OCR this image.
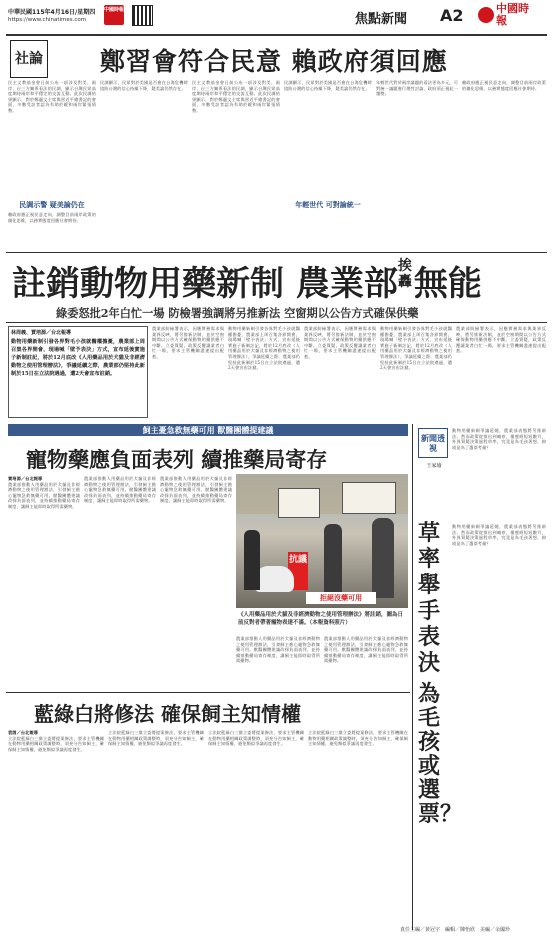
中華民國115年4月16日/星期四
https://www.chinatimes.com
中國時報
焦點新聞 A2	中國時報
社論 鄭習會符合民意 賴政府須回應
民主文教基金會日前公布一項涉及對美、兩岸、台三方關係看法的民調，顯示台灣民眾高度期待兩岸和平穩定的交流互動。此次民調結果顯示，對於鄭麗文主席與習近平總書記的會面，多數受訪者認為有助於緩和兩岸緊張情勢。
民調示警 疑美論仍在
賴政府應正視民意走向，調整目前兩岸政策的僵化思維，以務實態度回應社會期待。
民調顯示，民眾對於美國是否會在台海危機時協防台灣的信心持續下降，疑美論仍然存在。
民主文教基金會日前公布一項涉及對美、兩岸、台三方關係看法的民調，顯示台灣民眾高度期待兩岸和平穩定的交流互動。此次民調結果顯示，對於鄭麗文主席與習近平總書記的會面，多數受訪者認為有助於緩和兩岸緊張情勢。
民調顯示，民眾對於美國是否會在台海危機時協防台灣的信心持續下降，疑美論仍然存在。
年輕世代 可對論統一
年輕世代對於兩岸議題的看法更為多元，可對統一議題進行理性討論，政府須正視此一趨勢。
賴政府應正視民意走向，調整目前兩岸政策的僵化思維，以務實態度回應社會期待。
註銷動物用藥新制 農業部挨
轟無能
綠委怒批2年白忙一場 防檢署強調將另推新法 空窗期以公告方式確保供藥
林周義、賈培源／台北報導
動物用藥新制引發各界對毛小孩就醫權擔憂，農業部上周召集各界開會，現場喊「壁予表決」方式，宣布延後實施子新制註記，將於12月底改《人用藥品用於犬貓及非經濟動物之使用管理辦法》，爭議延續之際，農業部仍堅持此新制於15日在立法院遇過，遭2天會宣布註銷。
農業部防檢署表示，因應實務需求與業界反映，將另推新法制，並於空窗期間以公告方式確保動物用藥供應不中斷。立委質疑，政策反覆讓業者白忙一場，要求主管機關盡速提出配套。
動物用藥新制引發各界對毛小孩就醫權擔憂，農業部上周召集各界開會，現場喊「壁予表決」方式，宣布延後實施子新制註記，將於12月底改《人用藥品用於犬貓及非經濟動物之使用管理辦法》，爭議延續之際，農業部仍堅持此新制於15日在立法院遇過，遭2天會宣布註銷。
農業部防檢署表示，因應實務需求與業界反映，將另推新法制，並於空窗期間以公告方式確保動物用藥供應不中斷。立委質疑，政策反覆讓業者白忙一場，要求主管機關盡速提出配套。
動物用藥新制引發各界對毛小孩就醫權擔憂，農業部上周召集各界開會，現場喊「壁予表決」方式，宣布延後實施子新制註記，將於12月底改《人用藥品用於犬貓及非經濟動物之使用管理辦法》，爭議延續之際，農業部仍堅持此新制於15日在立法院遇過，遭2天會宣布註銷。
農業部防檢署表示，因應實務需求與業界反映，將另推新法制，並於空窗期間以公告方式確保動物用藥供應不中斷。立委質疑，政策反覆讓業者白忙一場，要求主管機關盡速提出配套。
飼主憂急救無藥可用 獸醫團體提建議
寵物藥應負面表列 續推藥局寄存
賈培源／台北報導
農業部推動人用藥品用於犬貓及非經濟動物之使用管理辦法，引發飼主擔心寵物急救無藥可用。獸醫團體建議改採負面表列，並持續推動藥局寄存制度，讓飼主能即時取得所需藥物。
農業部推動人用藥品用於犬貓及非經濟動物之使用管理辦法，引發飼主擔心寵物急救無藥可用。獸醫團體建議改採負面表列，並持續推動藥局寄存制度，讓飼主能即時取得所需藥物。
農業部推動人用藥品用於犬貓及非經濟動物之使用管理辦法，引發飼主擔心寵物急救無藥可用。獸醫團體建議改採負面表列，並持續推動藥局寄存制度，讓飼主能即時取得所需藥物。
抗議
拒絕沒藥可用
《人用藥品用於犬貓及非經濟動物之使用管理辦法》將註銷，圖為日前反對者帶著寵物表達不滿。（本報資料照片）
農業部推動人用藥品用於犬貓及非經濟動物之使用管理辦法，引發飼主擔心寵物急救無藥可用。獸醫團體建議改採負面表列，並持續推動藥局寄存制度，讓飼主能即時取得所需藥物。
農業部推動人用藥品用於犬貓及非經濟動物之使用管理辦法，引發飼主擔心寵物急救無藥可用。獸醫團體建議改採負面表列，並持續推動藥局寄存制度，讓飼主能即時取得所需藥物。
新聞透視
王家瑜
動物用藥新制爭議延燒，農業部表態將另推新法。然而政策從推出到喊停，僅歷經短短數月，外界質疑決策過程草率，究竟是為毛孩著想，抑或是為了選票考量？
草率舉手表決
為毛孩或選票？
動物用藥新制爭議延燒，農業部表態將另推新法。然而政策從推出到喊停，僅歷經短短數月，外界質疑決策過程草率，究竟是為毛孩著想，抑或是為了選票考量？
藍綠白將修法 確保飼主知情權
袁茵／台北報導
立法院藍綠白三黨立委將提案修法，要求主管機關在動物用藥相關政策調整時，須充分告知飼主，確保飼主知情權，避免類似爭議再度發生。
立法院藍綠白三黨立委將提案修法，要求主管機關在動物用藥相關政策調整時，須充分告知飼主，確保飼主知情權，避免類似爭議再度發生。
立法院藍綠白三黨立委將提案修法，要求主管機關在動物用藥相關政策調整時，須充分告知飼主，確保飼主知情權，避免類似爭議再度發生。
立法院藍綠白三黨立委將提案修法，要求主管機關在動物用藥相關政策調整時，須充分告知飼主，確保飼主知情權，避免類似爭議再度發生。
責任主編／黃冠宇　編輯／陳怡欣　美編／余國珍
